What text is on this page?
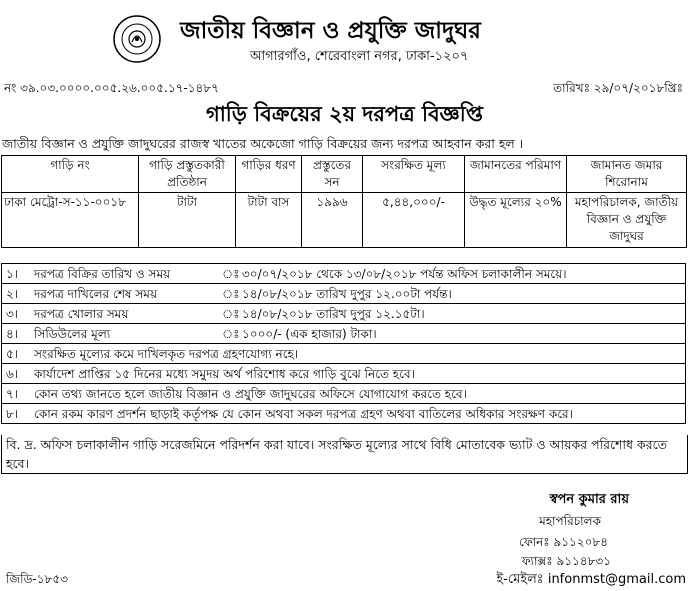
জাতীয় বিজ্ঞান ও প্রযুক্তি জাদুঘর
আগারগাঁও, শেরেবাংলা নগর, ঢাকা-১২০৭
নং ৩৯.০৩.০০০০.০০৫.২৬.০০৫.১৭-১৪৮৭	তারিখঃ ২৯/০৭/২০১৮খ্রিঃ
গাড়ি বিক্রয়ের ২য় দরপত্র বিজ্ঞপ্তি
জাতীয় বিজ্ঞান ও প্রযুক্তি জাদুঘরের রাজস্ব খাতের অকেজো গাড়ি বিক্রয়ের জন্য দরপত্র আহবান করা হল ।
গাড়ি নং	গাড়ি প্রস্তুতকারী প্রতিষ্ঠান	গাড়ির ধরণ	প্রস্তুতের সন	সংরক্ষিত মূল্য	জামানতের পরিমাণ	জামানত জমার শিরোনাম
ঢাকা মেট্রো-স-১১-০০১৮	টাটা	টাটা বাস	১৯৯৬	৫,৪৪,০০০/-	উদ্ধৃত মূল্যের ২০%	মহাপরিচালক, জাতীয় বিজ্ঞান ও প্রযুক্তি জাদুঘর
১।	দরপত্র বিক্রির তারিখ ও সময় ঃ ৩০/০৭/২০১৮ থেকে ১৩/০৮/২০১৮ পর্যন্ত অফিস চলাকালীন সময়ে।
২।	দরপত্র দাখিলের শেষ সময় ঃ ১৪/০৮/২০১৮ তারিখ দুপুর ১২.০০টা পর্যন্ত।
৩।	দরপত্র খোলার সময় ঃ ১৪/০৮/২০১৮ তারিখ দুপুর ১২.১৫টা।
৪।	সিডিউলের মূল্য ঃ ১০০০/- (এক হাজার) টাকা।
৫।	সংরক্ষিত মূল্যের কমে দাখিলকৃত দরপত্র গ্রহণযোগ্য নহে।
৬।	কার্যাদেশ প্রাপ্তির ১৫ দিনের মধ্যে সমুদয় অর্থ পরিশোধ করে গাড়ি বুঝে নিতে হবে।
৭।	কোন তথ্য জানতে হলে জাতীয় বিজ্ঞান ও প্রযুক্তি জাদুঘরের অফিসে যোগাযোগ করতে হবে।
৮।	কোন রকম কারণ প্রদর্শন ছাড়াই কর্তৃপক্ষ যে কোন অথবা সকল দরপত্র গ্রহণ অথবা বাতিলের অধিকার সংরক্ষণ করে।
বি. দ্র. অফিস চলাকালীন গাড়ি সরেজমিনে পরিদর্শন করা যাবে। সংরক্ষিত মূল্যের সাথে বিধি মোতাবেক ভ্যাট ও আয়কর পরিশোধ করতে হবে।
স্বপন কুমার রায়
মহাপরিচালক
ফোনঃ ৯১১২০৮৪
ফ্যাক্সঃ ৯১১৪৮৩১
ই-মেইলঃ infonmst@gmail.com
জিডি-১৮৫৩
